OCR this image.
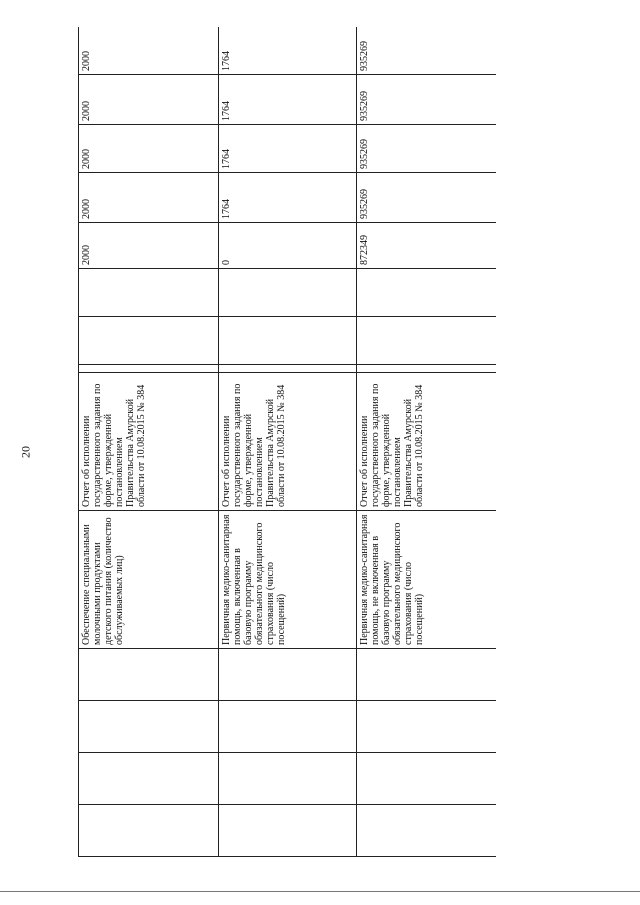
20
				Обеспечение специальными молочными продуктами детского питания (количество обслуживаемых лиц)	Отчет об исполнении государственного задания по форме, утвержденной постановлением Правительства Амурской области от 10.08.2015 № 384				2000	2000	2000	2000	2000
				Первичная медико-санитарная помощь, включенная в базовую программу обязательного медицинского страхования (число посещений)	Отчет об исполнении государственного задания по форме, утвержденной постановлением Правительства Амурской области от 10.08.2015 № 384				0	1764	1764	1764	1764
				Первичная медико-санитарная помощь, не включенная в базовую программу обязательного медицинского страхования (число посещений)	Отчет об исполнении государственного задания по форме, утвержденной постановлением Правительства Амурской области от 10.08.2015 № 384				872349	935269	935269	935269	935269
